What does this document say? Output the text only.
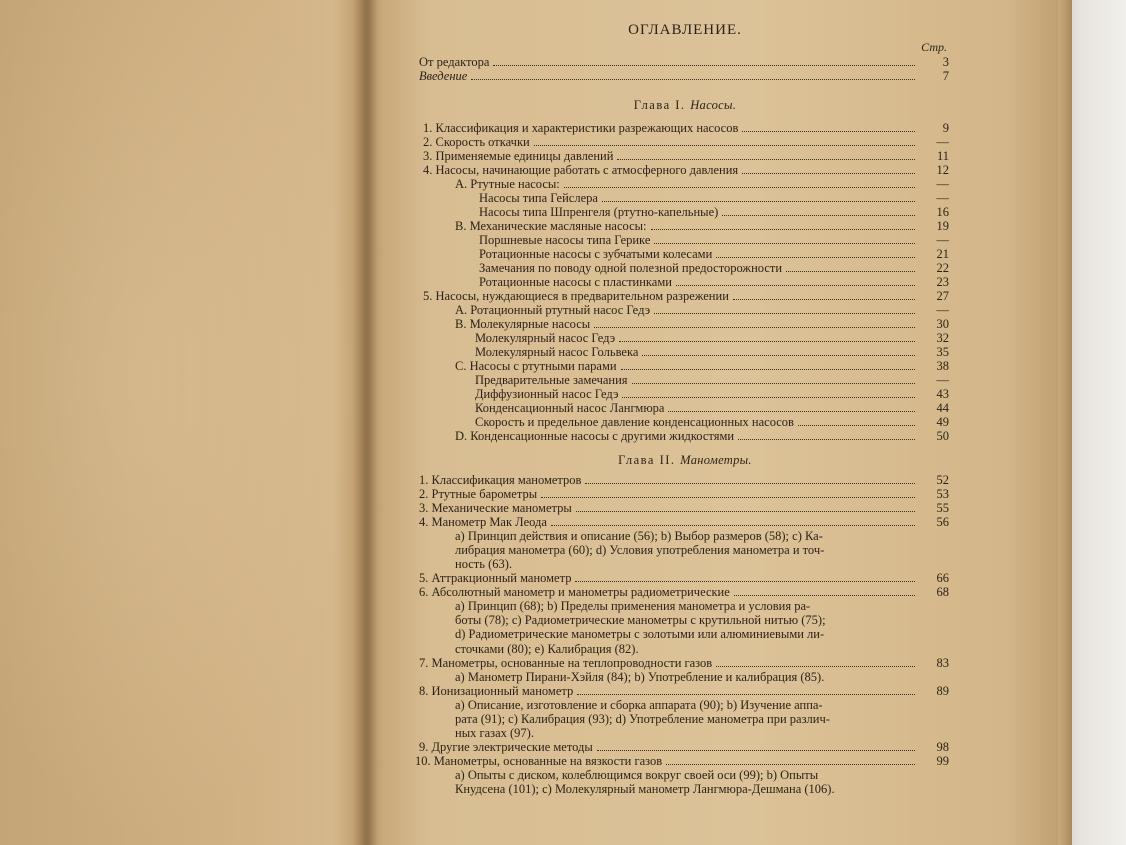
ОГЛАВЛЕНИЕ.
Стр.
От редактора	3
Введение	7
Глава I. Насосы.
1. Классификация и характеристики разрежающих насосов	9
2. Скорость откачки	—
3. Применяемые единицы давлений	11
4. Насосы, начинающие работать с атмосферного давления	12
A. Ртутные насосы:	—
Насосы типа Гейслера	—
Насосы типа Шпренгеля (ртутно-капельные)	16
B. Механические масляные насосы:	19
Поршневые насосы типа Герике	—
Ротационные насосы с зубчатыми колесами	21
Замечания по поводу одной полезной предосторожности	22
Ротационные насосы с пластинками	23
5. Насосы, нуждающиеся в предварительном разрежении	27
A. Ротационный ртутный насос Гедэ	—
B. Молекулярные насосы	30
Молекулярный насос Гедэ	32
Молекулярный насос Гольвека	35
C. Насосы с ртутными парами	38
Предварительные замечания	—
Диффузионный насос Гедэ	43
Конденсационный насос Лангмюра	44
Скорость и предельное давление конденсационных насосов	49
D. Конденсационные насосы с другими жидкостями	50
Глава II. Манометры.
1. Классификация манометров	52
2. Ртутные барометры	53
3. Механические манометры	55
4. Манометр Мак Леода	56
a) Принцип действия и описание (56); b) Выбор размеров (58); c) Ка-
либрация манометра (60); d) Условия употребления манометра и точ-
ность (63).
5. Аттракционный манометр	66
6. Абсолютный манометр и манометры радиометрические	68
a) Принцип (68); b) Пределы применения манометра и условия ра-
боты (78); c) Радиометрические манометры с крутильной нитью (75);
d) Радиометрические манометры с золотыми или алюминиевыми ли-
сточками (80); e) Калибрация (82).
7. Манометры, основанные на теплопроводности газов	83
a) Манометр Пирани-Хэйля (84); b) Употребление и калибрация (85).
8. Ионизационный манометр	89
a) Описание, изготовление и сборка аппарата (90); b) Изучение аппа-
рата (91); c) Калибрация (93); d) Употребление манометра при различ-
ных газах (97).
9. Другие электрические методы	98
10. Манометры, основанные на вязкости газов	99
a) Опыты с диском, колеблющимся вокруг своей оси (99); b) Опыты
Кнудсена (101); c) Молекулярный манометр Лангмюра-Дешмана (106).
